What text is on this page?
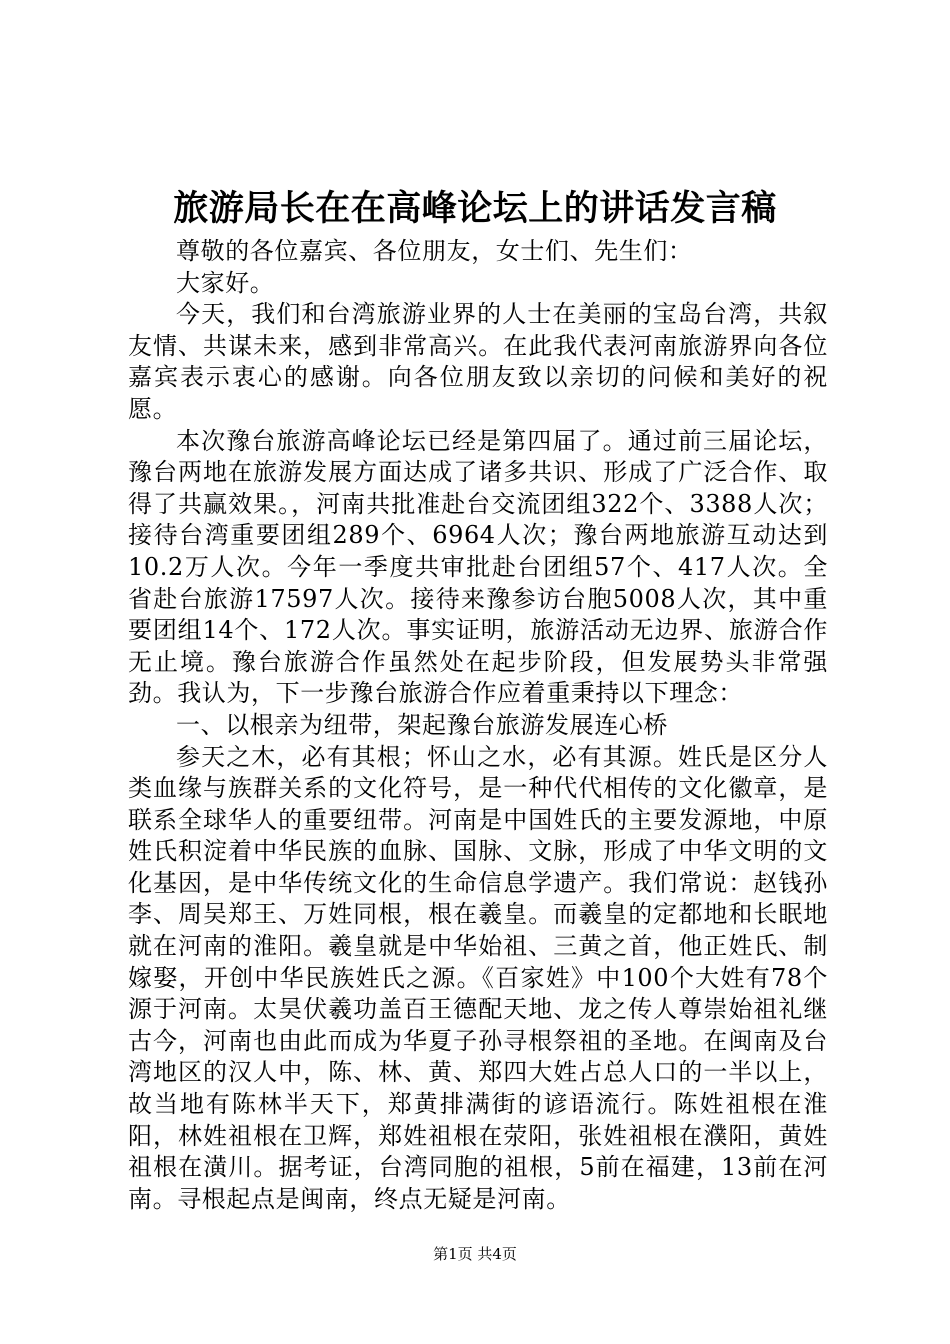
旅游局长在在高峰论坛上的讲话发言稿

尊敬的各位嘉宾、各位朋友，女士们、先生们：

大家好。

今天，我们和台湾旅游业界的人士在美丽的宝岛台湾，共叙友情、共谋未来，感到非常高兴。在此我代表河南旅游界向各位嘉宾表示衷心的感谢。向各位朋友致以亲切的问候和美好的祝愿。

本次豫台旅游高峰论坛已经是第四届了。通过前三届论坛，豫台两地在旅游发展方面达成了诸多共识、形成了广泛合作、取得了共赢效果。，河南共批准赴台交流团组322个、3388人次；接待台湾重要团组289个、6964人次；豫台两地旅游互动达到10.2万人次。今年一季度共审批赴台团组57个、417人次。全省赴台旅游17597人次。接待来豫参访台胞5008人次，其中重要团组14个、172人次。事实证明，旅游活动无边界、旅游合作无止境。豫台旅游合作虽然处在起步阶段，但发展势头非常强劲。我认为，下一步豫台旅游合作应着重秉持以下理念：

一、以根亲为纽带，架起豫台旅游发展连心桥

参天之木，必有其根；怀山之水，必有其源。姓氏是区分人类血缘与族群关系的文化符号，是一种代代相传的文化徽章，是联系全球华人的重要纽带。河南是中国姓氏的主要发源地，中原姓氏积淀着中华民族的血脉、国脉、文脉，形成了中华文明的文化基因，是中华传统文化的生命信息学遗产。我们常说：赵钱孙李、周吴郑王、万姓同根，根在羲皇。而羲皇的定都地和长眠地就在河南的淮阳。羲皇就是中华始祖、三黄之首，他正姓氏、制嫁娶，开创中华民族姓氏之源。《百家姓》中100个大姓有78个源于河南。太昊伏羲功盖百王德配天地、龙之传人尊崇始祖礼继古今，河南也由此而成为华夏子孙寻根祭祖的圣地。在闽南及台湾地区的汉人中，陈、林、黄、郑四大姓占总人口的一半以上，故当地有陈林半天下，郑黄排满街的谚语流行。陈姓祖根在淮阳，林姓祖根在卫辉，郑姓祖根在荥阳，张姓祖根在濮阳，黄姓祖根在潢川。据考证，台湾同胞的祖根，5前在福建，13前在河南。寻根起点是闽南，终点无疑是河南。

第1页 共4页
